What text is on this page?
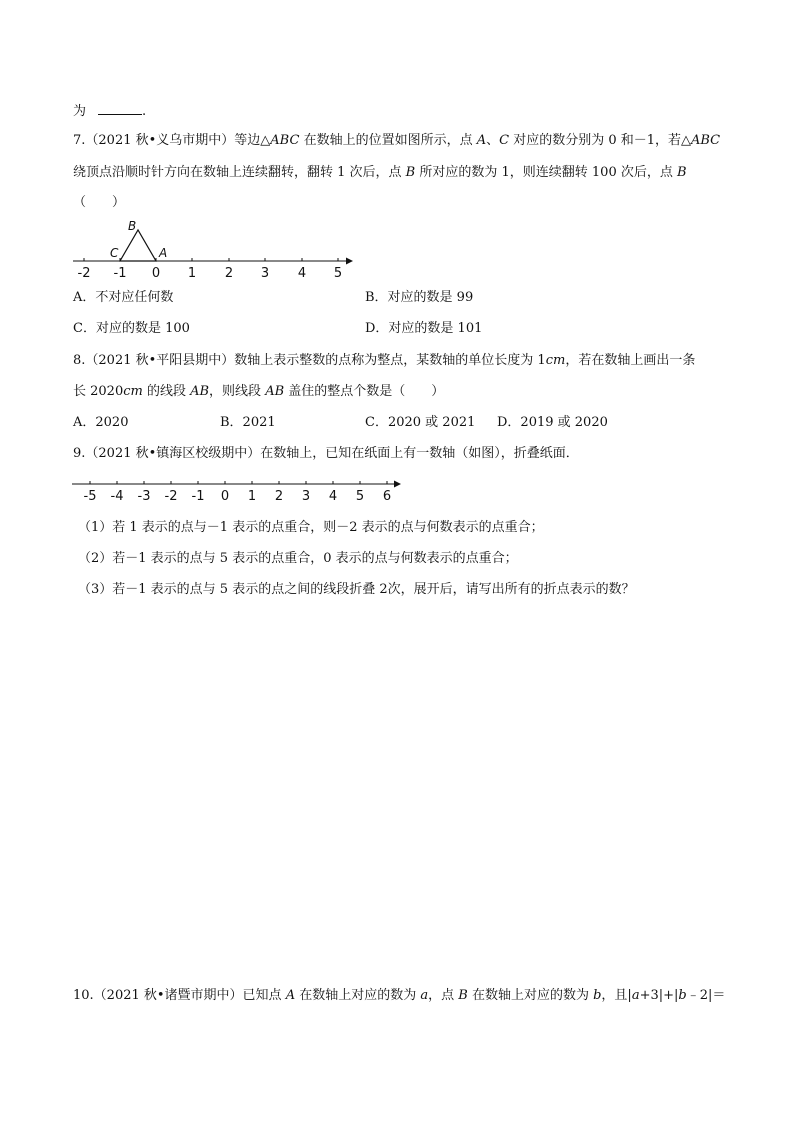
为	.
7.（2021 秋•义乌市期中）等边△ABC 在数轴上的位置如图所示，点 A、C 对应的数分别为 0 和－1，若△ABC
绕顶点沿顺时针方向在数轴上连续翻转，翻转 1 次后，点 B 所对应的数为 1，则连续翻转 100 次后，点 B
（　　）
B
C	A
-2 -1 0 1 2 3 4 5
A．不对应任何数	B．对应的数是 99
C．对应的数是 100	D．对应的数是 101
8.（2021 秋•平阳县期中）数轴上表示整数的点称为整点，某数轴的单位长度为 1cm，若在数轴上画出一条
长 2020cm 的线段 AB，则线段 AB 盖住的整点个数是（　　）
A．2020	B．2021	C．2020 或 2021 D．2019 或 2020
9.（2021 秋•镇海区校级期中）在数轴上，已知在纸面上有一数轴（如图），折叠纸面．
-5 -4 -3 -2 -1 0 1 2 3 4 5 6
（1）若 1 表示的点与－1 表示的点重合，则－2 表示的点与何数表示的点重合；
（2）若－1 表示的点与 5 表示的点重合，0 表示的点与何数表示的点重合；
（3）若－1 表示的点与 5 表示的点之间的线段折叠 2次，展开后，请写出所有的折点表示的数？
10.（2021 秋•诸暨市期中）已知点 A 在数轴上对应的数为 a，点 B 在数轴上对应的数为 b，且|a+3|+|b﹣2|＝
